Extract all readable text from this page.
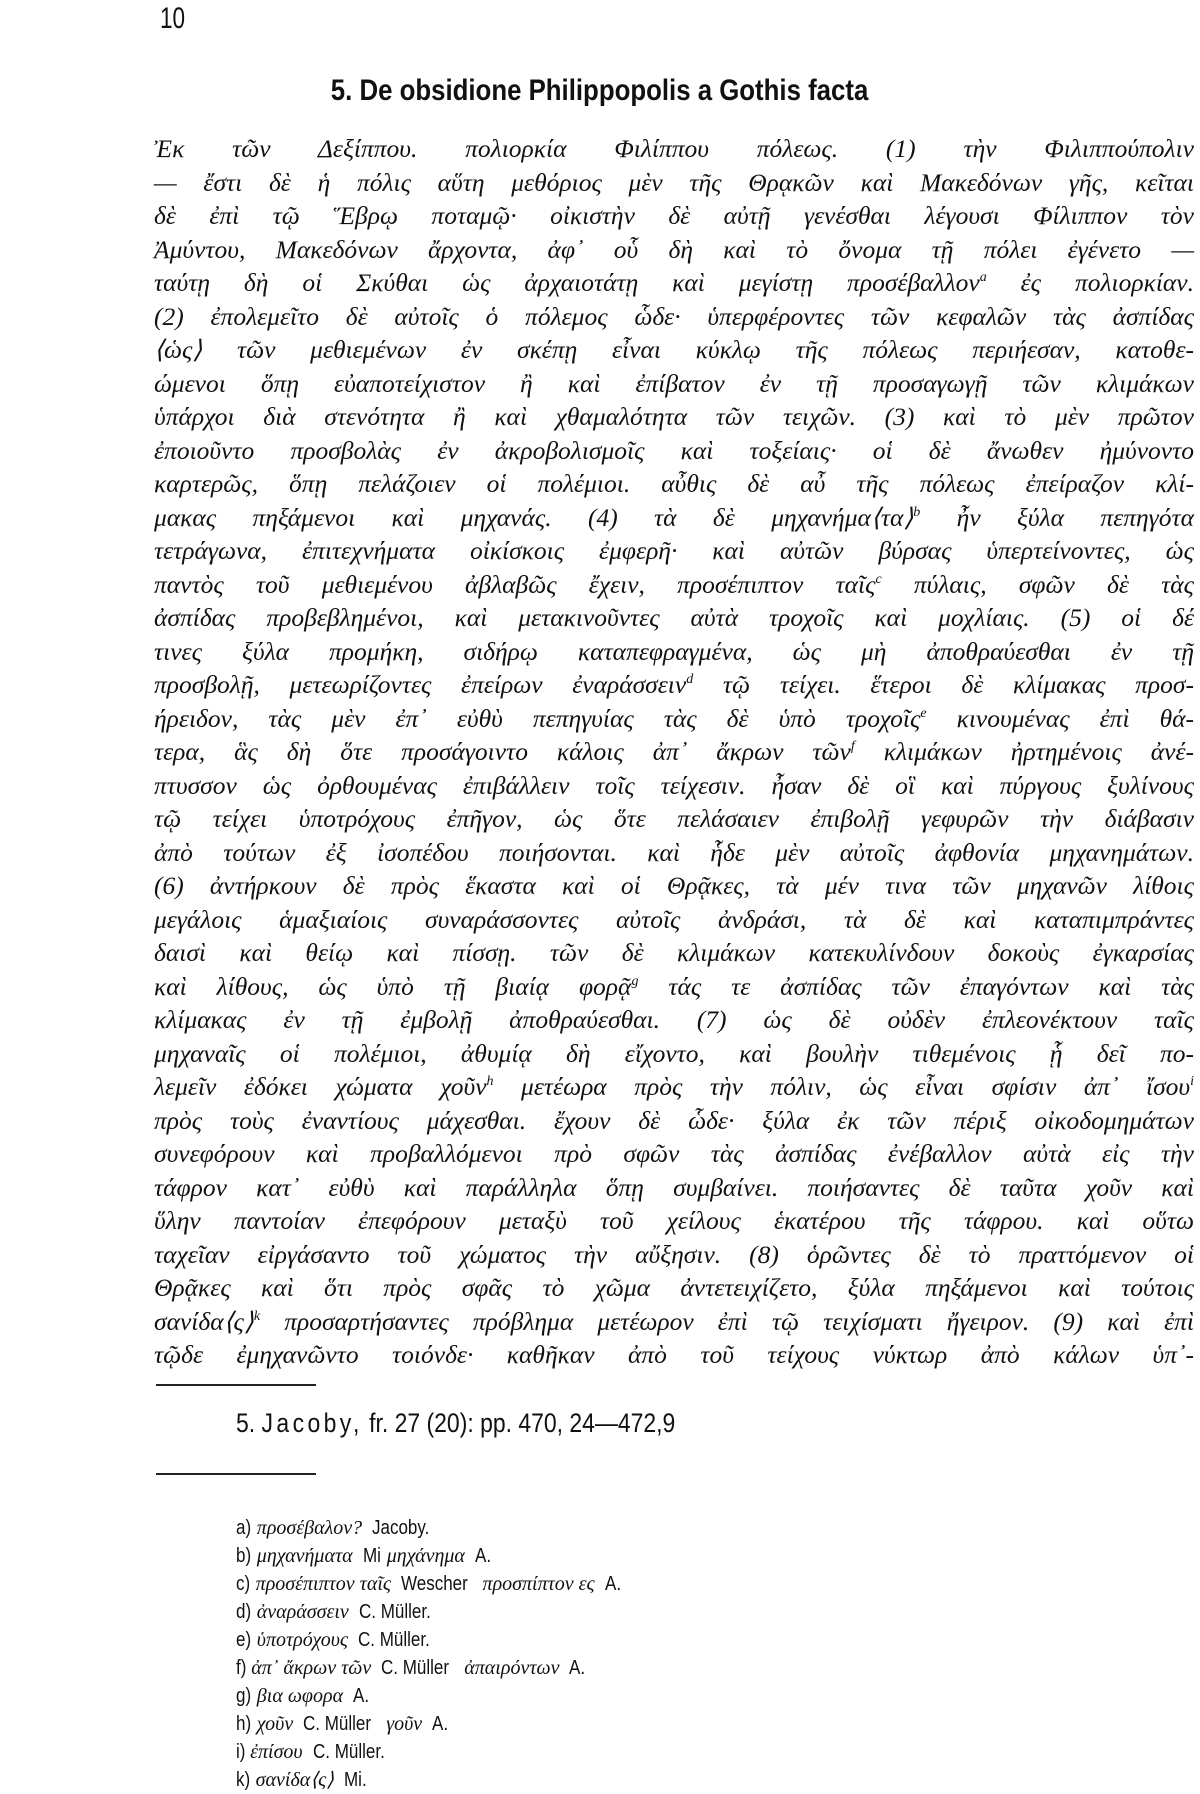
10
5. De obsidione Philippopolis a Gothis facta
Ἐκ τῶν Δεξίππου. πολιορκία Φιλίππου πόλεως. (1) τὴν Φιλιππούπολιν
— ἔστι δὲ ἡ πόλις αὕτη μεθόριος μὲν τῆς Θρᾳκῶν καὶ Μακεδόνων γῆς, κεῖται
δὲ ἐπὶ τῷ Ἕβρῳ ποταμῷ· οἰκιστὴν δὲ αὐτῇ γενέσθαι λέγουσι Φίλιππον τὸν
Ἀμύντου, Μακεδόνων ἄρχοντα, ἀφ᾽ οὗ δὴ καὶ τὸ ὄνομα τῇ πόλει ἐγένετο —
ταύτῃ δὴ οἱ Σκύθαι ὡς ἀρχαιοτάτῃ καὶ μεγίστῃ προσέβαλλον$^a$ ἐς πολιορκίαν.
(2) ἐπολεμεῖτο δὲ αὐτοῖς ὁ πόλεμος ὧδε· ὑπερφέροντες τῶν κεφαλῶν τὰς ἀσπίδας
⟨ὡς⟩ τῶν μεθιεμένων ἐν σκέπῃ εἶναι κύκλῳ τῆς πόλεως περιήεσαν, κατοθε-
ώμενοι ὅπῃ εὐαποτείχιστον ἢ καὶ ἐπίβατον ἐν τῇ προσαγωγῇ τῶν κλιμάκων
ὑπάρχοι διὰ στενότητα ἢ καὶ χθαμαλότητα τῶν τειχῶν. (3) καὶ τὸ μὲν πρῶτον
ἐποιοῦντο προσβολὰς ἐν ἀκροβολισμοῖς καὶ τοξείαις· οἱ δὲ ἄνωθεν ἠμύνοντο
καρτερῶς, ὅπῃ πελάζοιεν οἱ πολέμιοι. αὖθις δὲ αὖ τῆς πόλεως ἐπείραζον κλί-
μακας πηξάμενοι καὶ μηχανάς. (4) τὰ δὲ μηχανήμα⟨τα⟩$^b$ ἦν ξύλα πεπηγότα
τετράγωνα, ἐπιτεχνήματα οἰκίσκοις ἐμφερῆ· καὶ αὐτῶν βύρσας ὑπερτείνοντες, ὡς
παντὸς τοῦ μεθιεμένου ἀβλαβῶς ἔχειν, προσέπιπτον ταῖς$^c$ πύλαις, σφῶν δὲ τὰς
ἀσπίδας προβεβλημένοι, καὶ μετακινοῦντες αὐτὰ τροχοῖς καὶ μοχλίαις. (5) οἱ δέ
τινες ξύλα προμήκη, σιδήρῳ καταπεφραγμένα, ὡς μὴ ἀποθραύεσθαι ἐν τῇ
προσβολῇ, μετεωρίζοντες ἐπείρων ἐναράσσειν$^d$ τῷ τείχει. ἕτεροι δὲ κλίμακας προσ-
ήρειδον, τὰς μὲν ἐπ᾽ εὐθὺ πεπηγυίας τὰς δὲ ὑπὸ τροχοῖς$^e$ κινουμένας ἐπὶ θά-
τερα, ἃς δὴ ὅτε προσάγοιντο κάλοις ἀπ᾽ ἄκρων τῶν$^f$ κλιμάκων ἠρτημένοις ἀνέ-
πτυσσον ὡς ὀρθουμένας ἐπιβάλλειν τοῖς τείχεσιν. ἦσαν δὲ οἳ καὶ πύργους ξυλίνους
τῷ τείχει ὑποτρόχους ἐπῆγον, ὡς ὅτε πελάσαιεν ἐπιβολῇ γεφυρῶν τὴν διάβασιν
ἀπὸ τούτων ἐξ ἰσοπέδου ποιήσονται. καὶ ἧδε μὲν αὐτοῖς ἀφθονία μηχανημάτων.
(6) ἀντήρκουν δὲ πρὸς ἕκαστα καὶ οἱ Θρᾷκες, τὰ μέν τινα τῶν μηχανῶν λίθοις
μεγάλοις ἁμαξιαίοις συναράσσοντες αὐτοῖς ἀνδράσι, τὰ δὲ καὶ καταπιμπράντες
δαισὶ καὶ θείῳ καὶ πίσσῃ. τῶν δὲ κλιμάκων κατεκυλίνδουν δοκοὺς ἐγκαρσίας
καὶ λίθους, ὡς ὑπὸ τῇ βιαίᾳ φορᾷ$^g$ τάς τε ἀσπίδας τῶν ἐπαγόντων καὶ τὰς
κλίμακας ἐν τῇ ἐμβολῇ ἀποθραύεσθαι. (7) ὡς δὲ οὐδὲν ἐπλεονέκτουν ταῖς
μηχαναῖς οἱ πολέμιοι, ἀθυμίᾳ δὴ εἴχοντο, καὶ βουλὴν τιθεμένοις ᾗ δεῖ πο-
λεμεῖν ἐδόκει χώματα χοῦν$^h$ μετέωρα πρὸς τὴν πόλιν, ὡς εἶναι σφίσιν ἀπ᾽ ἴσου$^i$
πρὸς τοὺς ἐναντίους μάχεσθαι. ἔχουν δὲ ὧδε· ξύλα ἐκ τῶν πέριξ οἰκοδομημάτων
συνεφόρουν καὶ προβαλλόμενοι πρὸ σφῶν τὰς ἀσπίδας ἐνέβαλλον αὐτὰ εἰς τὴν
τάφρον κατ᾽ εὐθὺ καὶ παράλληλα ὅπῃ συμβαίνει. ποιήσαντες δὲ ταῦτα χοῦν καὶ
ὕλην παντοίαν ἐπεφόρουν μεταξὺ τοῦ χείλους ἑκατέρου τῆς τάφρου. καὶ οὕτω
ταχεῖαν εἰργάσαντο τοῦ χώματος τὴν αὔξησιν. (8) ὁρῶντες δὲ τὸ πραττόμενον οἱ
Θρᾷκες καὶ ὅτι πρὸς σφᾶς τὸ χῶμα ἀντετειχίζετο, ξύλα πηξάμενοι καὶ τούτοις
σανίδα⟨ς⟩$^k$ προσαρτήσαντες πρόβλημα μετέωρον ἐπὶ τῷ τειχίσματι ἤγειρον. (9) καὶ ἐπὶ
τῷδε ἐμηχανῶντο τοιόνδε· καθῆκαν ἀπὸ τοῦ τείχους νύκτωρ ἀπὸ κάλων ὑπ᾽-
5. Jacoby, fr. 27 (20): pp. 470, 24—472,9
a) προσέβαλον? Jacoby.
b) μηχανήματα Mi μηχάνημα A.
c) προσέπιπτον ταῖς Wescher προσπίπτον ες A.
d) ἀναράσσειν C. Müller.
e) ὑποτρόχους C. Müller.
f) ἀπ᾽ ἄκρων τῶν C. Müller ἀπαιρόντων A.
g) βια ωφορα A.
h) χοῦν C. Müller γοῦν A.
i) ἐπίσου C. Müller.
k) σανίδα⟨ς⟩ Mi.
